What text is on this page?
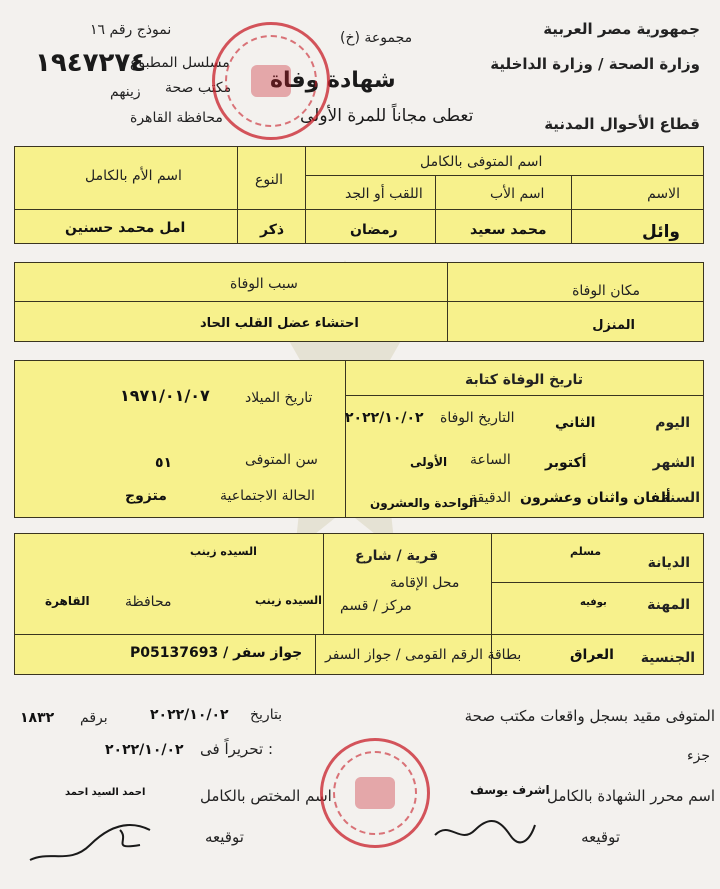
جمهورية مصر العربية
وزارة الصحة / وزارة الداخلية
قطاع الأحوال المدنية
مجموعة (خ)
نموذج رقم ١٦
مسلسل المطبوع
١٩٤٧٢٧٤
مكتب صحة
زينهم
محافظة القاهرة
شهادة وفاة
تعطى مجاناً للمرة الأولى
اسم المتوفى بالكامل
الاسم
اسم الأب
اللقب أو الجد
النوع
اسم الأم بالكامل
وائل
محمد سعيد
رمضان
ذكر
امل محمد حسنين
مكان الوفاة
سبب الوفاة
المنزل
احتشاء عضل القلب الحاد
تاريخ الوفاة كتابة
اليوم
الثاني
الشهر
أكتوبر
السنة
ألفان واثنان وعشرون
التاريخ الوفاة
٢٠٢٢/١٠/٠٢
الساعة
الأولى
الدقيقة
الواحدة والعشرون
تاريخ الميلاد
١٩٧١/٠١/٠٧
سن المتوفى
٥١
الحالة الاجتماعية
متزوج
الديانة
مسلم
المهنة
بوفيه
محل الإقامة
قرية / شارع
السيده زينب
مركز / قسم
السيده زينب
محافظة
القاهرة
الجنسية
العراق
بطاقة الرقم القومى / جواز السفر
P05137693 / جواز سفر
المتوفى مقيد بسجل واقعات مكتب صحة
بتاريخ
٢٠٢٢/١٠/٠٢
برقم
١٨٣٢
جزء
تحريراً فى :
٢٠٢٢/١٠/٠٢
اسم محرر الشهادة بالكامل
اشرف يوسف
اسم المختص بالكامل
احمد السيد احمد
توقيعه
توقيعه
